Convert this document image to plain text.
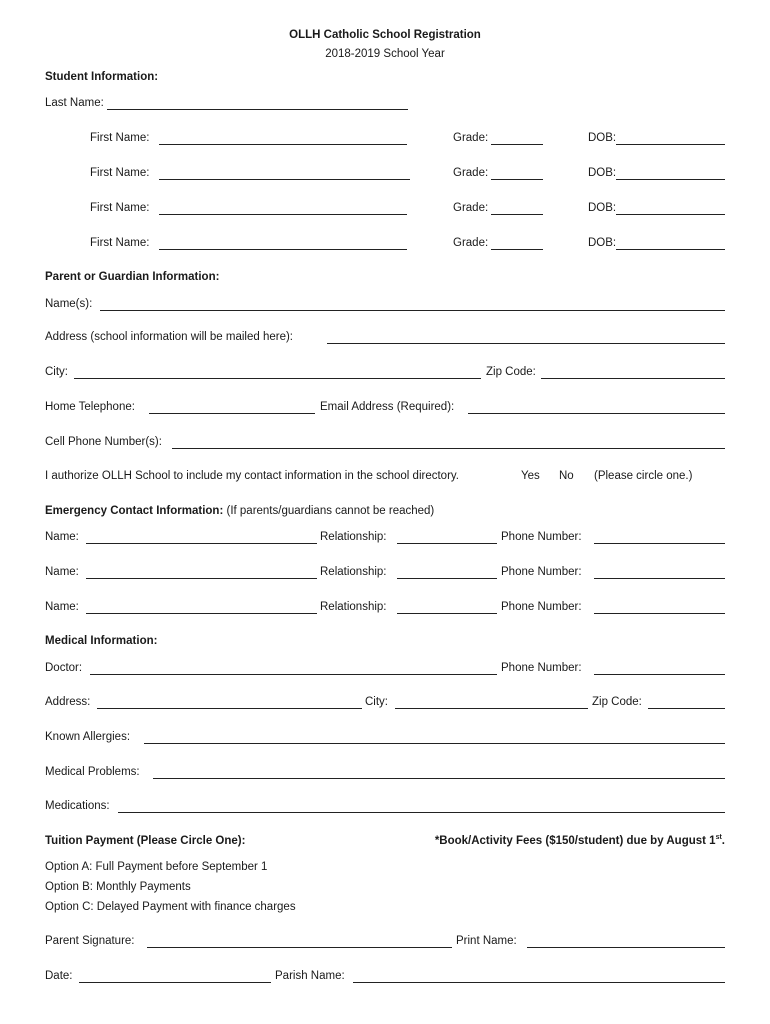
OLLH Catholic School Registration
2018-2019 School Year
Student Information:
Last Name:
First Name:	Grade:	DOB:
First Name:	Grade:	DOB:
First Name:	Grade:	DOB:
First Name:	Grade:	DOB:
Parent or Guardian Information:
Name(s):
Address (school information will be mailed here):
City:	Zip Code:
Home Telephone:	Email Address (Required):
Cell Phone Number(s):
I authorize OLLH School to include my contact information in the school directory.	Yes No (Please circle one.)
Emergency Contact Information: (If parents/guardians cannot be reached)
Name:	Relationship:	Phone Number:
Name:	Relationship:	Phone Number:
Name:	Relationship:	Phone Number:
Medical Information:
Doctor:	Phone Number:
Address:	City:	Zip Code:
Known Allergies:
Medical Problems:
Medications:
Tuition Payment (Please Circle One):	*Book/Activity Fees ($150/student) due by August 1st.
Option A: Full Payment before September 1
Option B: Monthly Payments
Option C: Delayed Payment with finance charges
Parent Signature:	Print Name:
Date:	Parish Name:
